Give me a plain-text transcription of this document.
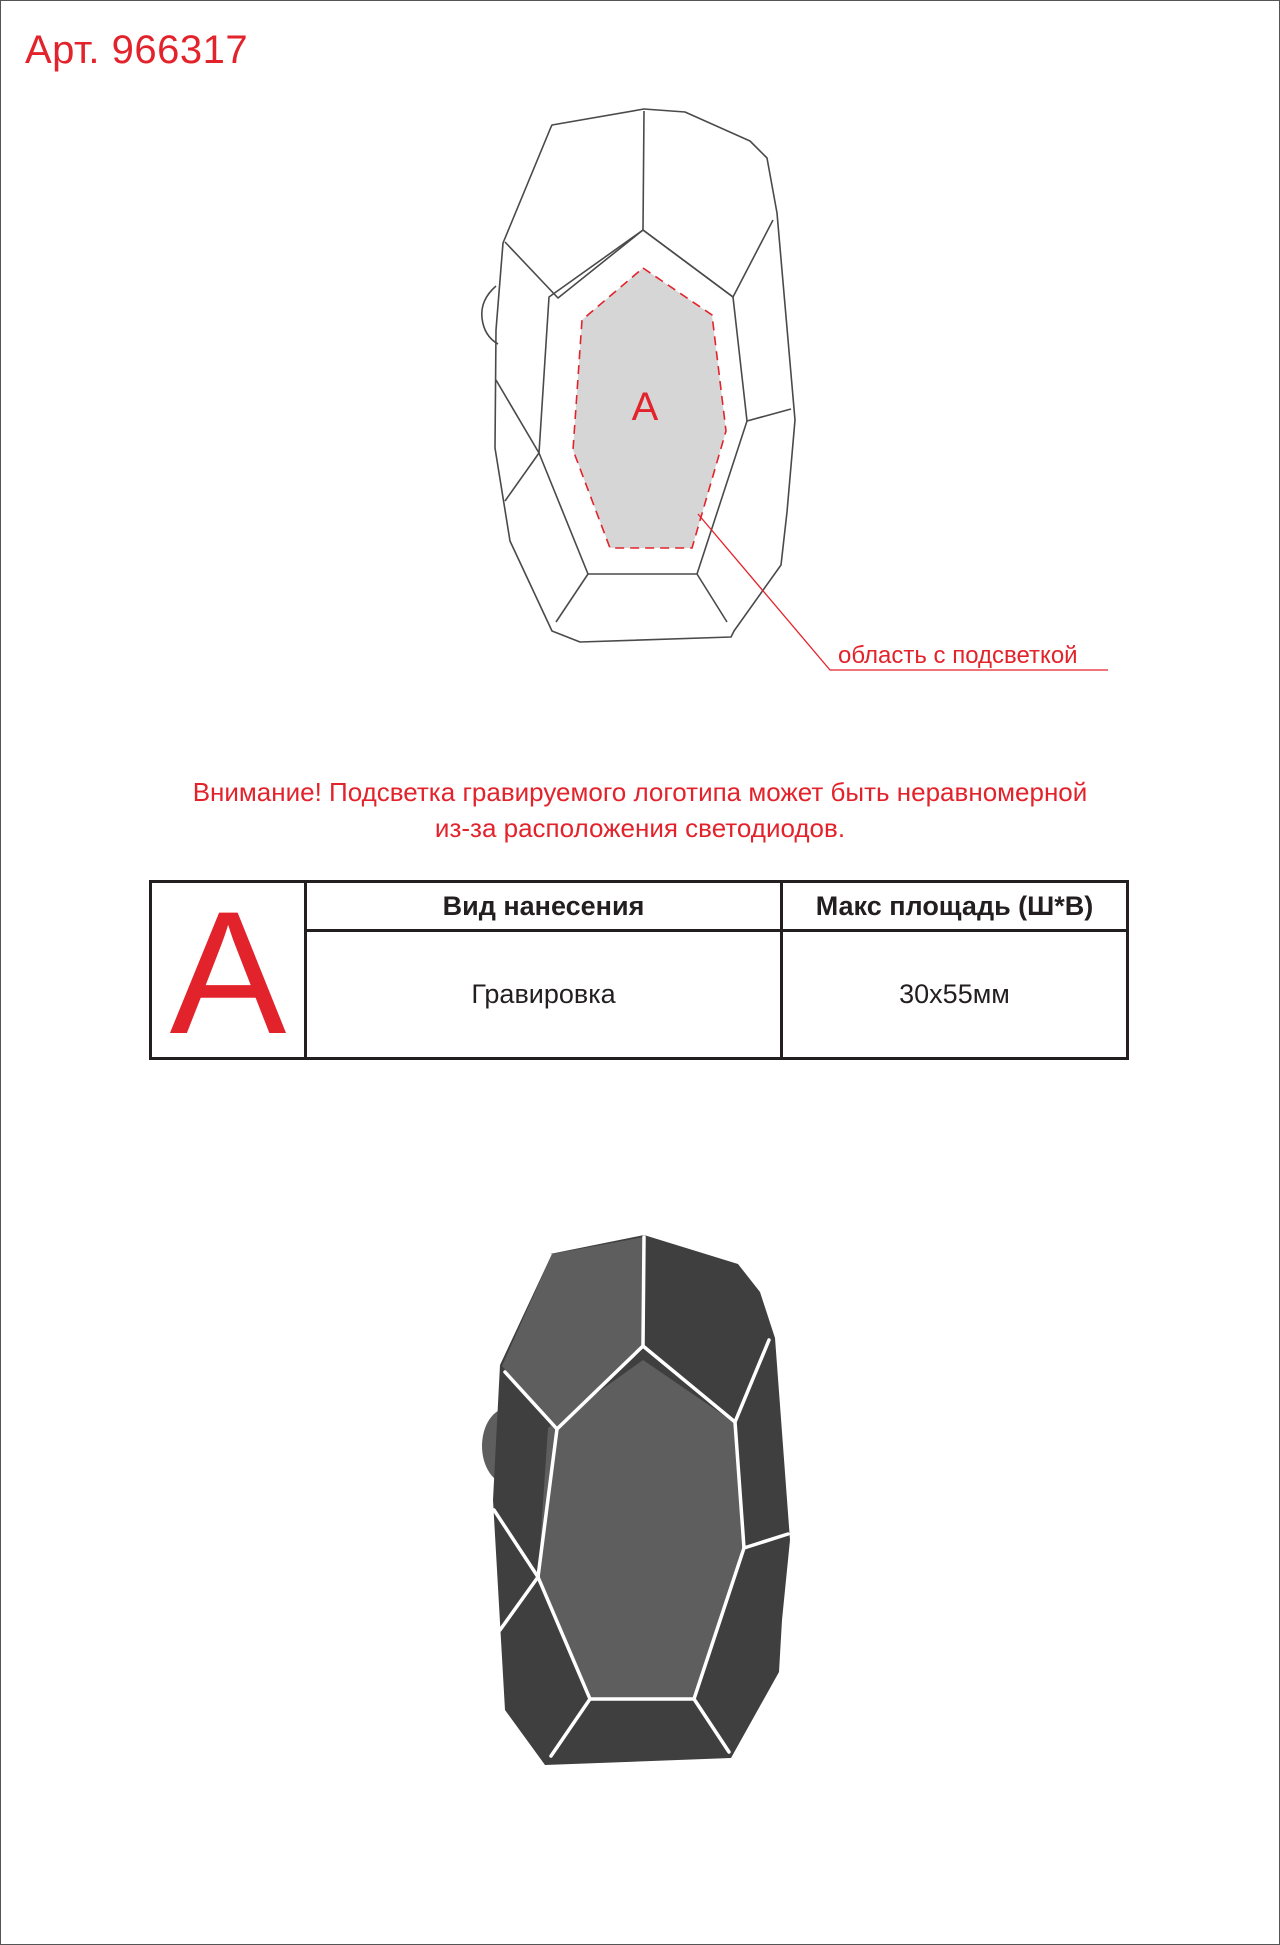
Арт. 966317
A
область с подсветкой
Внимание! Подсветка гравируемого логотипа может быть неравномерной
из-за расположения светодиодов.
A	Вид нанесения	Макс площадь (Ш*В)
Гравировка	30х55мм
